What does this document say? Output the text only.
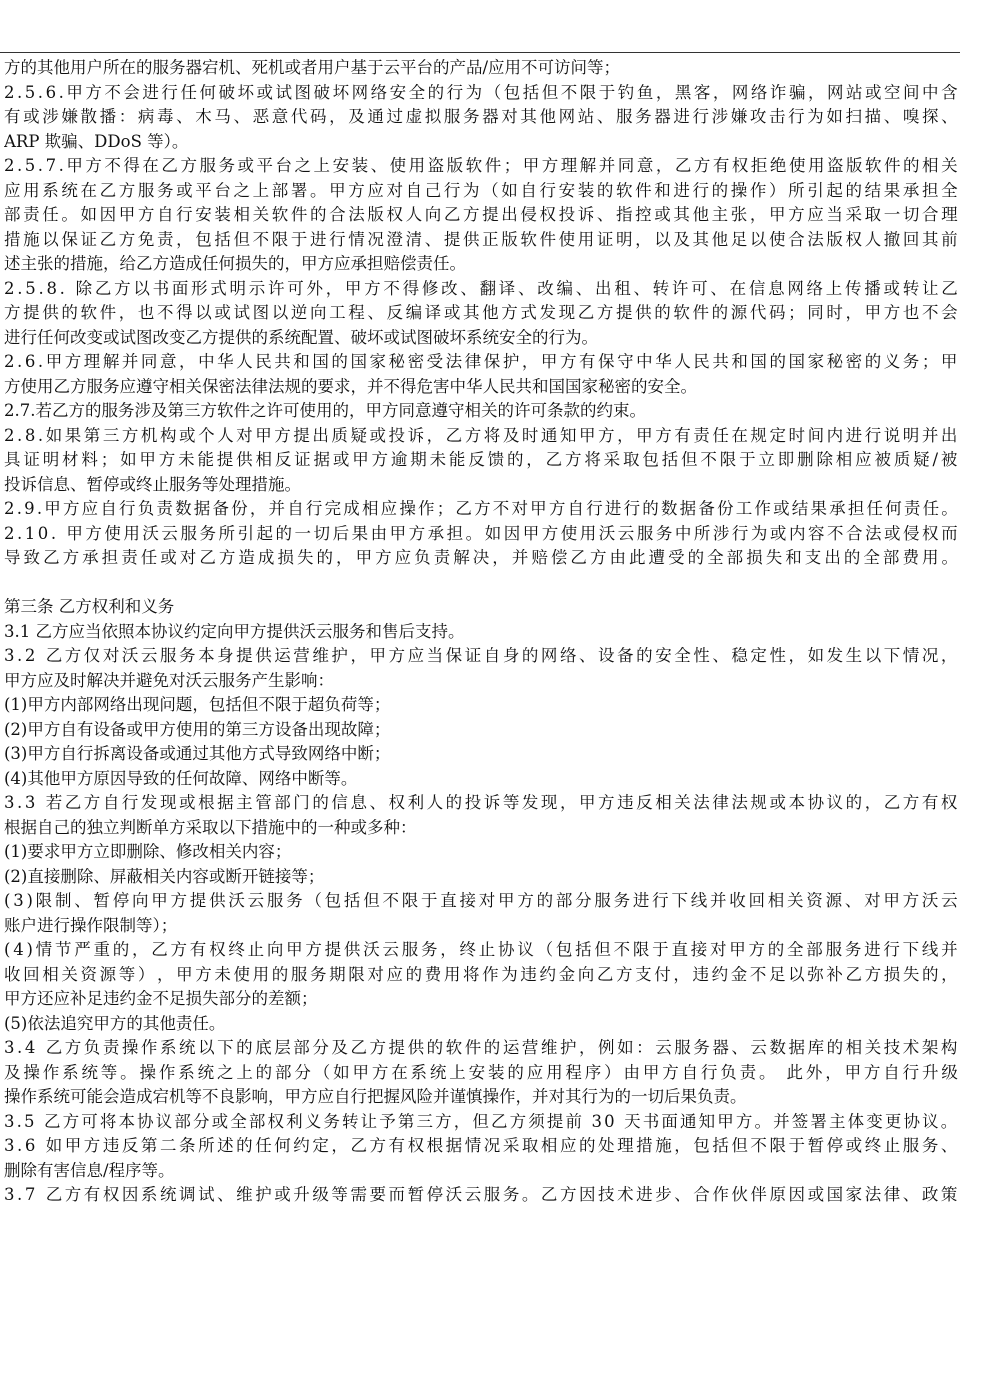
方的其他用户所在的服务器宕机、死机或者用户基于云平台的产品/应用不可访问等；
2 . 5 . 6 . 甲 方 不 会 进 行 任 何 破 坏 或 试 图 破 坏 网 络 安 全 的 行 为 （ 包 括 但 不 限 于 钓 鱼 ， 黑 客 ， 网 络 诈 骗 ， 网 站 或 空 间 中 含
有 或 涉 嫌 散 播 ： 病 毒 、 木 马 、 恶 意 代 码 ， 及 通 过 虚 拟 服 务 器 对 其 他 网 站 、 服 务 器 进 行 涉 嫌 攻 击 行 为 如 扫 描 、 嗅 探 、
ARP 欺骗、DDoS 等）。
2 . 5 . 7 . 甲 方 不 得 在 乙 方 服 务 或 平 台 之 上 安 装 、 使 用 盗 版 软 件 ； 甲 方 理 解 并 同 意 ， 乙 方 有 权 拒 绝 使 用 盗 版 软 件 的 相 关
应 用 系 统 在 乙 方 服 务 或 平 台 之 上 部 署 。 甲 方 应 对 自 己 行 为 （ 如 自 行 安 装 的 软 件 和 进 行 的 操 作 ） 所 引 起 的 结 果 承 担 全
部 责 任 。 如 因 甲 方 自 行 安 装 相 关 软 件 的 合 法 版 权 人 向 乙 方 提 出 侵 权 投 诉 、 指 控 或 其 他 主 张 ， 甲 方 应 当 采 取 一 切 合 理
措 施 以 保 证 乙 方 免 责 ， 包 括 但 不 限 于 进 行 情 况 澄 清 、 提 供 正 版 软 件 使 用 证 明 ， 以 及 其 他 足 以 使 合 法 版 权 人 撤 回 其 前
述主张的措施，给乙方造成任何损失的，甲方应承担赔偿责任。
2 . 5 . 8 .
除 乙 方 以 书 面 形 式 明 示 许 可 外 ， 甲 方 不 得 修 改 、 翻 译 、 改 编 、 出 租 、 转 许 可 、 在 信 息 网 络 上 传 播 或 转 让 乙
方 提 供 的 软 件 ， 也 不 得 以 或 试 图 以 逆 向 工 程 、 反 编 译 或 其 他 方 式 发 现 乙 方 提 供 的 软 件 的 源 代 码 ； 同 时 ， 甲 方 也 不 会
进行任何改变或试图改变乙方提供的系统配置、破坏或试图破坏系统安全的行为。
2 . 6 . 甲 方 理 解 并 同 意 ， 中 华 人 民 共 和 国 的 国 家 秘 密 受 法 律 保 护 ， 甲 方 有 保 守 中 华 人 民 共 和 国 的 国 家 秘 密 的 义 务 ； 甲
方使用乙方服务应遵守相关保密法律法规的要求，并不得危害中华人民共和国国家秘密的安全。
2.7.若乙方的服务涉及第三方软件之许可使用的，甲方同意遵守相关的许可条款的约束。
2 . 8 . 如 果 第 三 方 机 构 或 个 人 对 甲 方 提 出 质 疑 或 投 诉 ， 乙 方 将 及 时 通 知 甲 方 ， 甲 方 有 责 任 在 规 定 时 间 内 进 行 说 明 并 出
具 证 明 材 料 ； 如 甲 方 未 能 提 供 相 反 证 据 或 甲 方 逾 期 未 能 反 馈 的 ， 乙 方 将 采 取 包 括 但 不 限 于 立 即 删 除 相 应 被 质 疑 / 被
投诉信息、暂停或终止服务等处理措施。
2 . 9 . 甲 方 应 自 行 负 责 数 据 备 份 ， 并 自 行 完 成 相 应 操 作 ； 乙 方 不 对 甲 方 自 行 进 行 的 数 据 备 份 工 作 或 结 果 承 担 任 何 责 任 。
2 . 1 0 .
甲 方 使 用 沃 云 服 务 所 引 起 的 一 切 后 果 由 甲 方 承 担 。 如 因 甲 方 使 用 沃 云 服 务 中 所 涉 行 为 或 内 容 不 合 法 或 侵 权 而
导 致 乙 方 承 担 责 任 或 对 乙 方 造 成 损 失 的 ， 甲 方 应 负 责 解 决 ， 并 赔 偿 乙 方 由 此 遭 受 的 全 部 损 失 和 支 出 的 全 部 费 用 。
第三条 乙方权利和义务
3.1 乙方应当依照本协议约定向甲方提供沃云服务和售后支持。
3 . 2
乙 方 仅 对 沃 云 服 务 本 身 提 供 运 营 维 护 ， 甲 方 应 当 保 证 自 身 的 网 络 、 设 备 的 安 全 性 、 稳 定 性 ， 如 发 生 以 下 情 况 ，
甲方应及时解决并避免对沃云服务产生影响：
(1)甲方内部网络出现问题，包括但不限于超负荷等；
(2)甲方自有设备或甲方使用的第三方设备出现故障；
(3)甲方自行拆离设备或通过其他方式导致网络中断；
(4)其他甲方原因导致的任何故障、网络中断等。
3 . 3
若 乙 方 自 行 发 现 或 根 据 主 管 部 门 的 信 息 、 权 利 人 的 投 诉 等 发 现 ， 甲 方 违 反 相 关 法 律 法 规 或 本 协 议 的 ， 乙 方 有 权
根据自己的独立判断单方采取以下措施中的一种或多种：
(1)要求甲方立即删除、修改相关内容；
(2)直接删除、屏蔽相关内容或断开链接等；
( 3 ) 限 制 、 暂 停 向 甲 方 提 供 沃 云 服 务 （ 包 括 但 不 限 于 直 接 对 甲 方 的 部 分 服 务 进 行 下 线 并 收 回 相 关 资 源 、 对 甲 方 沃 云
账户进行操作限制等）；
( 4 ) 情 节 严 重 的 ， 乙 方 有 权 终 止 向 甲 方 提 供 沃 云 服 务 ， 终 止 协 议 （ 包 括 但 不 限 于 直 接 对 甲 方 的 全 部 服 务 进 行 下 线 并
收 回 相 关 资 源 等 ） ， 甲 方 未 使 用 的 服 务 期 限 对 应 的 费 用 将 作 为 违 约 金 向 乙 方 支 付 ， 违 约 金 不 足 以 弥 补 乙 方 损 失 的 ，
甲方还应补足违约金不足损失部分的差额；
(5)依法追究甲方的其他责任。
3 . 4
乙 方 负 责 操 作 系 统 以 下 的 底 层 部 分 及 乙 方 提 供 的 软 件 的 运 营 维 护 ， 例 如 ： 云 服 务 器 、 云 数 据 库 的 相 关 技 术 架 构
及 操 作 系 统 等 。 操 作 系 统 之 上 的 部 分 （ 如 甲 方 在 系 统 上 安 装 的 应 用 程 序 ） 由 甲 方 自 行 负 责 。
此 外 ， 甲 方 自 行 升 级
操作系统可能会造成宕机等不良影响，甲方应自行把握风险并谨慎操作，并对其行为的一切后果负责。
3 . 5
乙 方 可 将 本 协 议 部 分 或 全 部 权 利 义 务 转 让 予 第 三 方 ， 但 乙 方 须 提 前
3 0
天 书 面 通 知 甲 方 。 并 签 署 主 体 变 更 协 议 。
3 . 6
如 甲 方 违 反 第 二 条 所 述 的 任 何 约 定 ， 乙 方 有 权 根 据 情 况 采 取 相 应 的 处 理 措 施 ， 包 括 但 不 限 于 暂 停 或 终 止 服 务 、
删除有害信息/程序等。
3 . 7
乙 方 有 权 因 系 统 调 试 、 维 护 或 升 级 等 需 要 而 暂 停 沃 云 服 务 。 乙 方 因 技 术 进 步 、 合 作 伙 伴 原 因 或 国 家 法 律 、 政 策
